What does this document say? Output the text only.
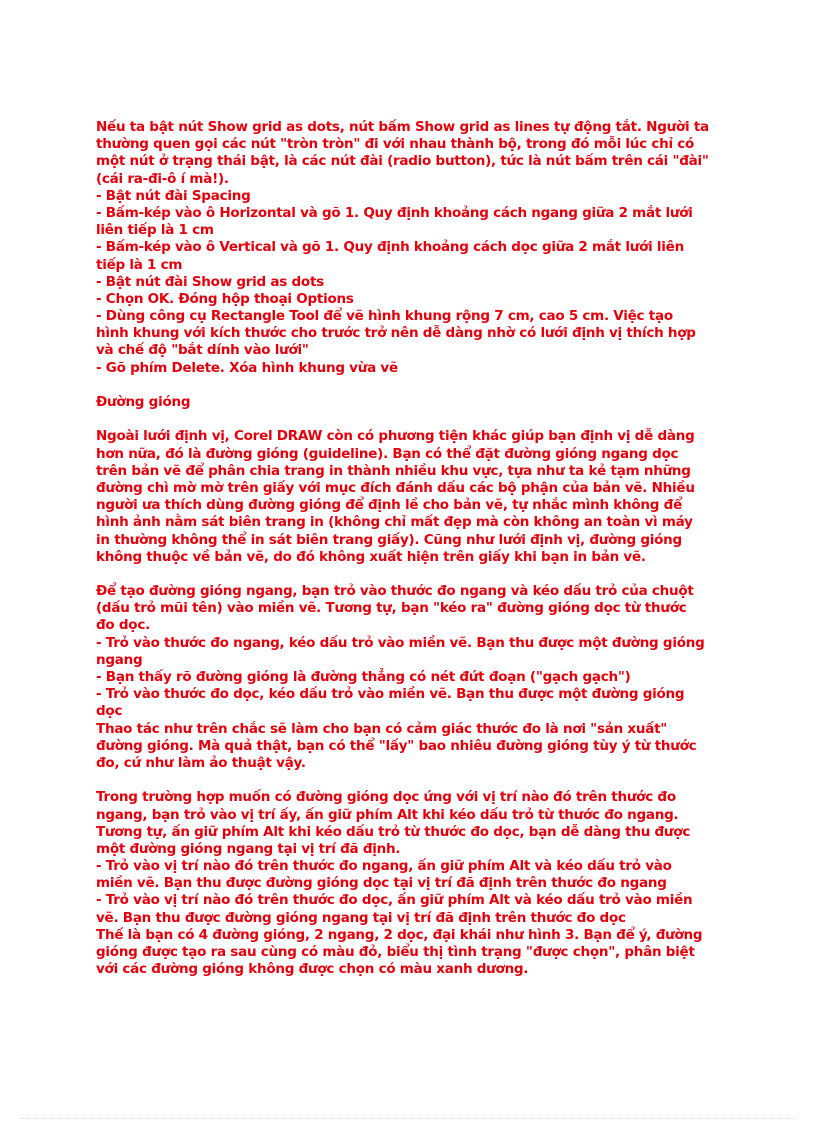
Nếu ta bật nút Show grid as dots, nút bấm Show grid as lines tự động tắt. Người ta
thường quen gọi các nút "tròn tròn" đi với nhau thành bộ, trong đó mỗi lúc chỉ có
một nút ở trạng thái bật, là các nút đài (radio button), tức là nút bấm trên cái "đài"
(cái ra-đi-ô í mà!).
- Bật nút đài Spacing
- Bấm-kép vào ô Horizontal và gõ 1. Quy định khoảng cách ngang giữa 2 mắt lưới
liên tiếp là 1 cm
- Bấm-kép vào ô Vertical và gõ 1. Quy định khoảng cách dọc giữa 2 mắt lưới liên
tiếp là 1 cm
- Bật nút đài Show grid as dots
- Chọn OK. Đóng hộp thoại Options
- Dùng công cụ Rectangle Tool để vẽ hình khung rộng 7 cm, cao 5 cm. Việc tạo
hình khung với kích thước cho trước trở nên dễ dàng nhờ có lưới định vị thích hợp
và chế độ "bắt dính vào lưới"
- Gõ phím Delete. Xóa hình khung vừa vẽ
Đường gióng
Ngoài lưới định vị, Corel DRAW còn có phương tiện khác giúp bạn định vị dễ dàng
hơn nữa, đó là đường gióng (guideline). Bạn có thể đặt đường gióng ngang dọc
trên bản vẽ để phân chia trang in thành nhiều khu vực, tựa như ta kẻ tạm những
đường chì mờ mờ trên giấy với mục đích đánh dấu các bộ phận của bản vẽ. Nhiều
người ưa thích dùng đường gióng để định lề cho bản vẽ, tự nhắc mình không để
hình ảnh nằm sát biên trang in (không chỉ mất đẹp mà còn không an toàn vì máy
in thường không thể in sát biên trang giấy). Cũng như lưới định vị, đường gióng
không thuộc về bản vẽ, do đó không xuất hiện trên giấy khi bạn in bản vẽ.
Để tạo đường gióng ngang, bạn trỏ vào thước đo ngang và kéo dấu trỏ của chuột
(dấu trỏ mũi tên) vào miền vẽ. Tương tự, bạn "kéo ra" đường gióng dọc từ thước
đo dọc.
- Trỏ vào thước đo ngang, kéo dấu trỏ vào miền vẽ. Bạn thu được một đường gióng
ngang
- Bạn thấy rõ đường gióng là đường thẳng có nét đứt đoạn ("gạch gạch")
- Trỏ vào thước đo dọc, kéo dấu trỏ vào miền vẽ. Bạn thu được một đường gióng
dọc
Thao tác như trên chắc sẽ làm cho bạn có cảm giác thước đo là nơi "sản xuất"
đường gióng. Mà quả thật, bạn có thể "lấy" bao nhiêu đường gióng tùy ý từ thước
đo, cứ như làm ảo thuật vậy.
Trong trường hợp muốn có đường gióng dọc ứng với vị trí nào đó trên thước đo
ngang, bạn trỏ vào vị trí ấy, ấn giữ phím Alt khi kéo dấu trỏ từ thước đo ngang.
Tương tự, ấn giữ phím Alt khi kéo dấu trỏ từ thước đo dọc, bạn dễ dàng thu được
một đường gióng ngang tại vị trí đã định.
- Trỏ vào vị trí nào đó trên thước đo ngang, ấn giữ phím Alt và kéo dấu trỏ vào
miền vẽ. Bạn thu được đường gióng dọc tại vị trí đã định trên thước đo ngang
- Trỏ vào vị trí nào đó trên thước đo dọc, ấn giữ phím Alt và kéo dấu trỏ vào miền
vẽ. Bạn thu được đường gióng ngang tại vị trí đã định trên thước đo dọc
Thế là bạn có 4 đường gióng, 2 ngang, 2 dọc, đại khái như hình 3. Bạn để ý, đường
gióng được tạo ra sau cùng có màu đỏ, biểu thị tình trạng "được chọn", phân biệt
với các đường gióng không được chọn có màu xanh dương.
